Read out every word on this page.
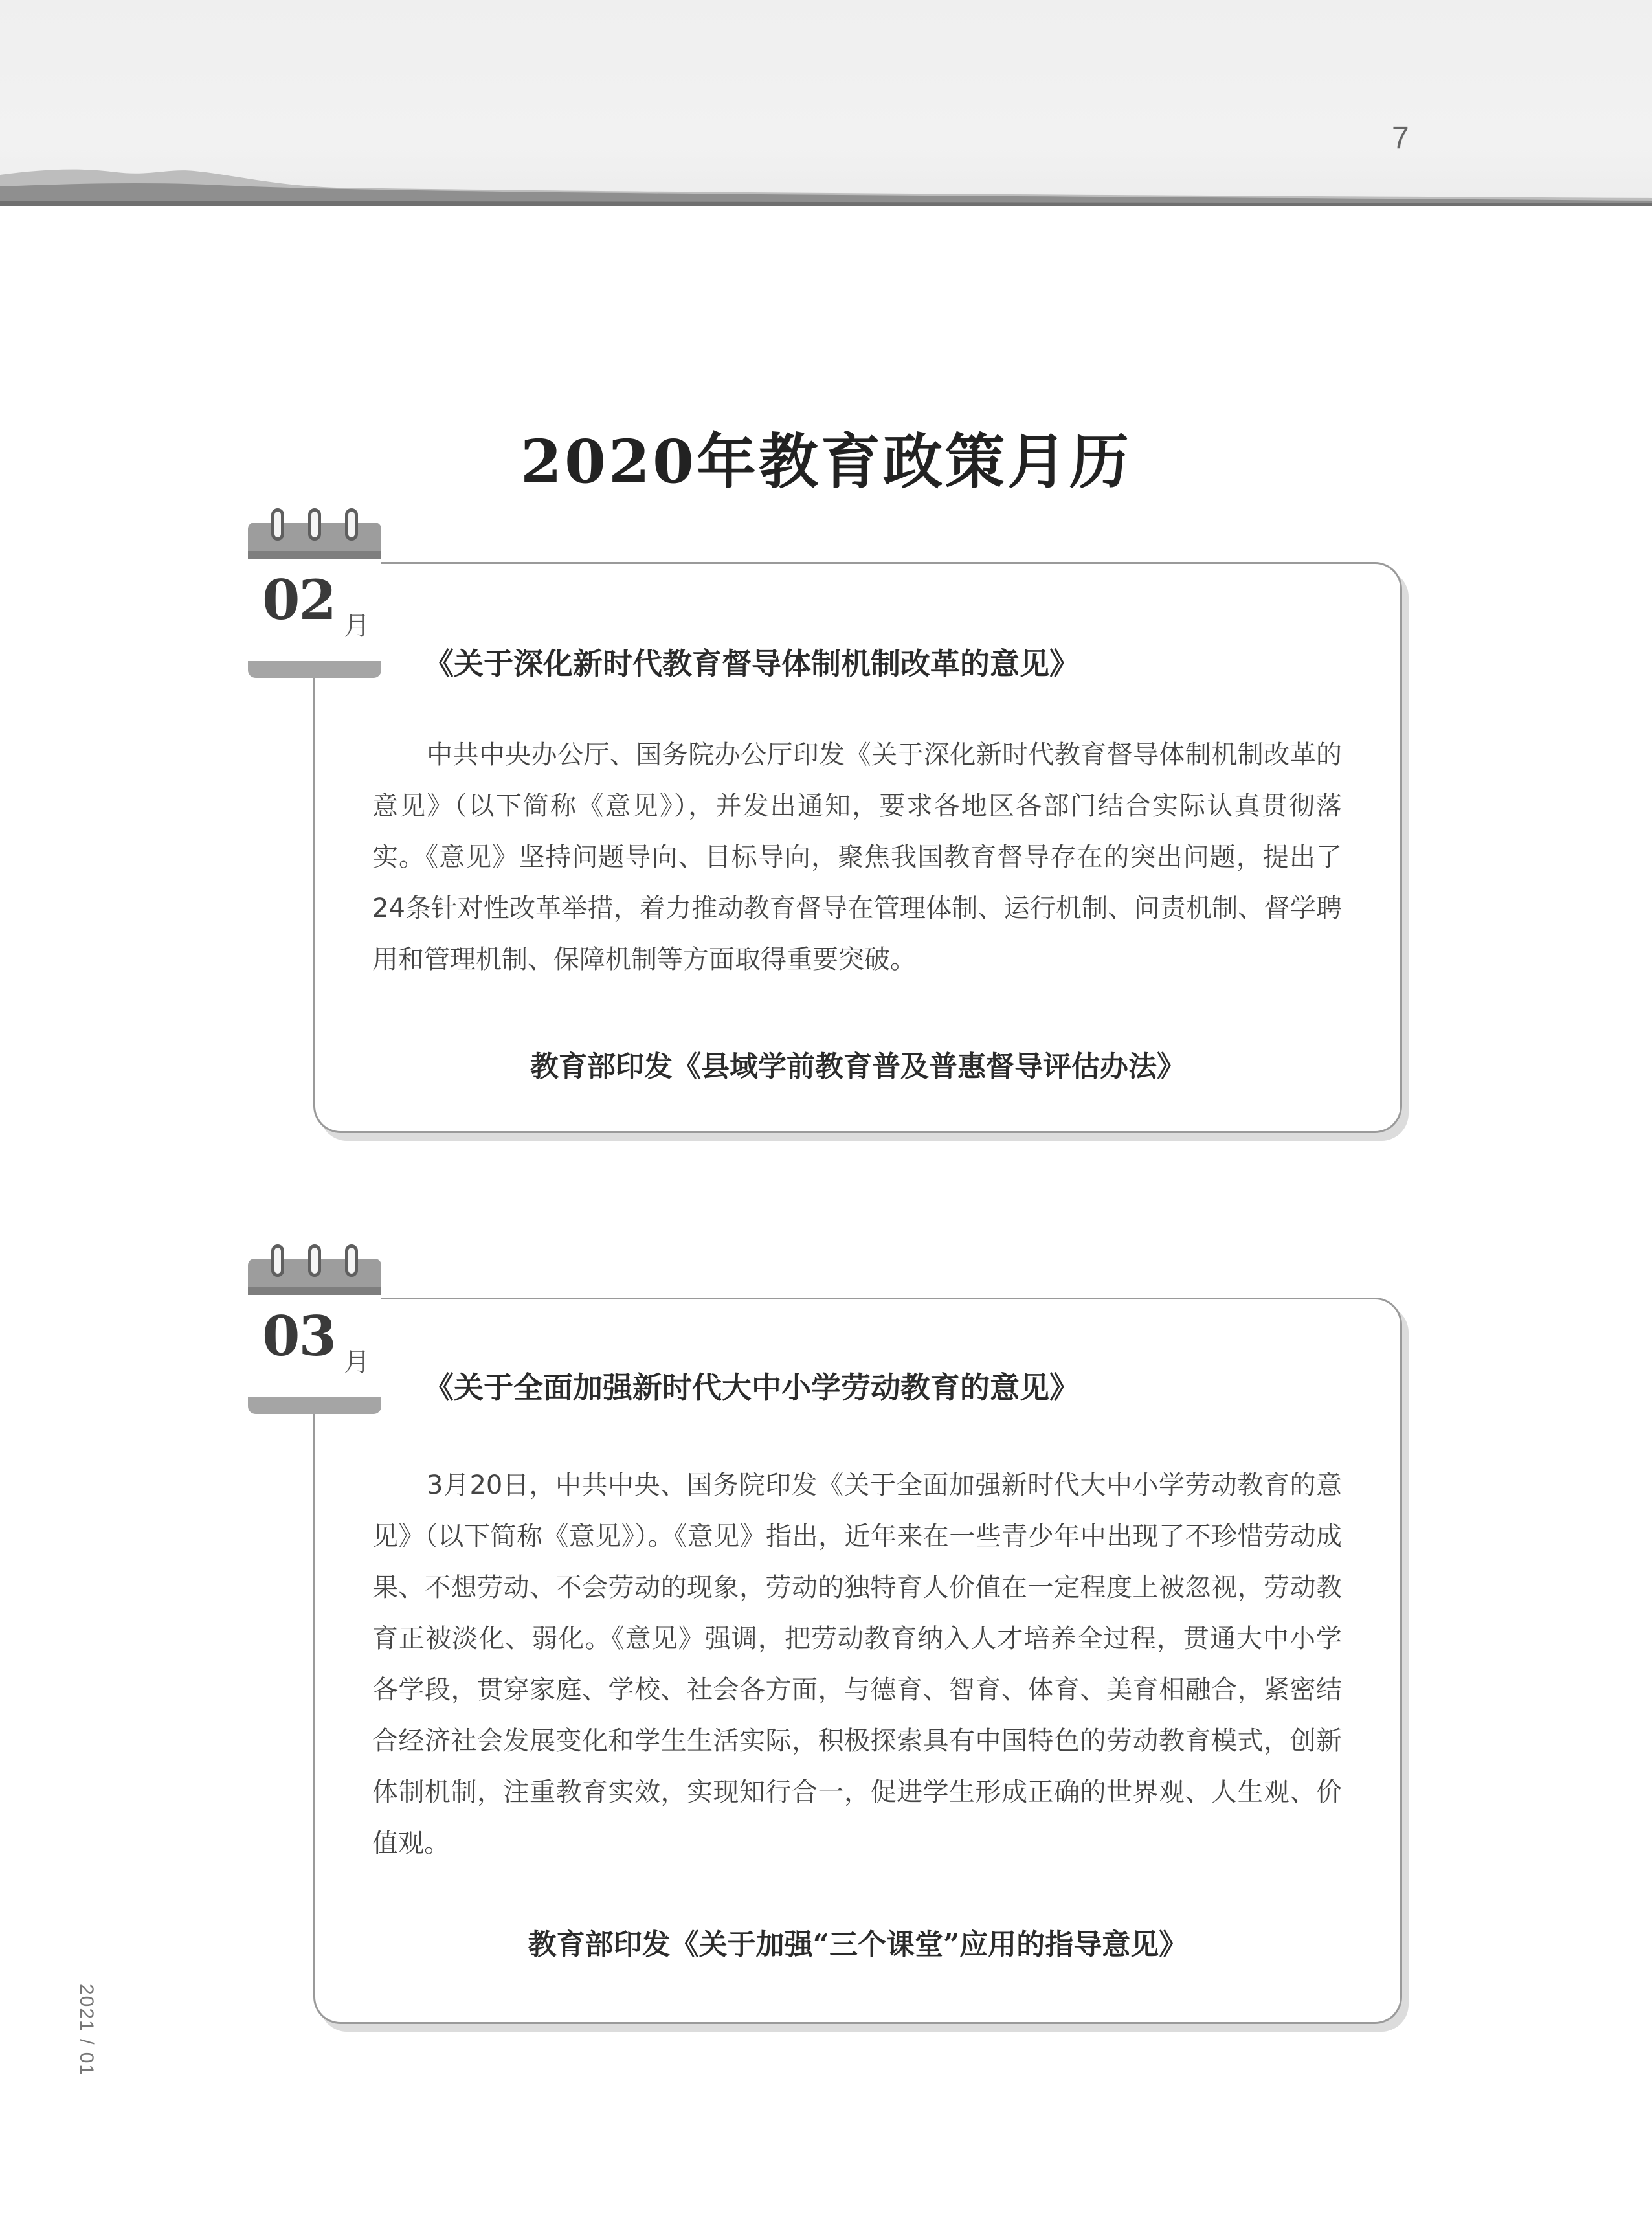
7
2020年教育政策月历
《关于深化新时代教育督导体制机制改革的意见》
中共中央办公厅、国务院办公厅印发《关于深化新时代教育督导体制机制改革的意见》（以下简称《意见》），并发出通知，要求各地区各部门结合实际认真贯彻落实。《意见》坚持问题导向、目标导向，聚焦我国教育督导存在的突出问题，提出了24条针对性改革举措，着力推动教育督导在管理体制、运行机制、问责机制、督学聘用和管理机制、保障机制等方面取得重要突破。
教育部印发《县域学前教育普及普惠督导评估办法》
02 月
《关于全面加强新时代大中小学劳动教育的意见》
3月20日，中共中央、国务院印发《关于全面加强新时代大中小学劳动教育的意见》（以下简称《意见》）。《意见》指出，近年来在一些青少年中出现了不珍惜劳动成果、不想劳动、不会劳动的现象，劳动的独特育人价值在一定程度上被忽视，劳动教育正被淡化、弱化。《意见》强调，把劳动教育纳入人才培养全过程，贯通大中小学各学段，贯穿家庭、学校、社会各方面，与德育、智育、体育、美育相融合，紧密结合经济社会发展变化和学生生活实际，积极探索具有中国特色的劳动教育模式，创新体制机制，注重教育实效，实现知行合一，促进学生形成正确的世界观、人生观、价值观。
教育部印发《关于加强“三个课堂”应用的指导意见》
03 月
2021 / 01
